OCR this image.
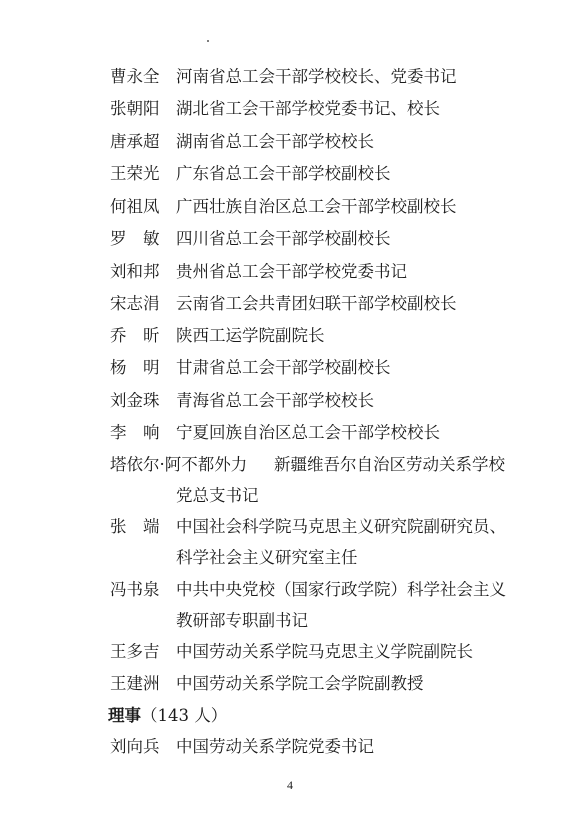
曹永全 河南省总工会干部学校校长、党委书记
张朝阳 湖北省工会干部学校党委书记、校长
唐承超 湖南省总工会干部学校校长
王荣光 广东省总工会干部学校副校长
何祖凤 广西壮族自治区总工会干部学校副校长
罗　敏 四川省总工会干部学校副校长
刘和邦 贵州省总工会干部学校党委书记
宋志涓 云南省工会共青团妇联干部学校副校长
乔　昕 陕西工运学院副院长
杨　明 甘肃省总工会干部学校副校长
刘金珠 青海省总工会干部学校校长
李　响 宁夏回族自治区总工会干部学校校长
塔依尔·阿不都外力 新疆维吾尔自治区劳动关系学校
党总支书记
张　端 中国社会科学院马克思主义研究院副研究员、
科学社会主义研究室主任
冯书泉 中共中央党校（国家行政学院）科学社会主义
教研部专职副书记
王多吉 中国劳动关系学院马克思主义学院副院长
王建洲 中国劳动关系学院工会学院副教授
理事（143 人）
刘向兵 中国劳动关系学院党委书记
4
